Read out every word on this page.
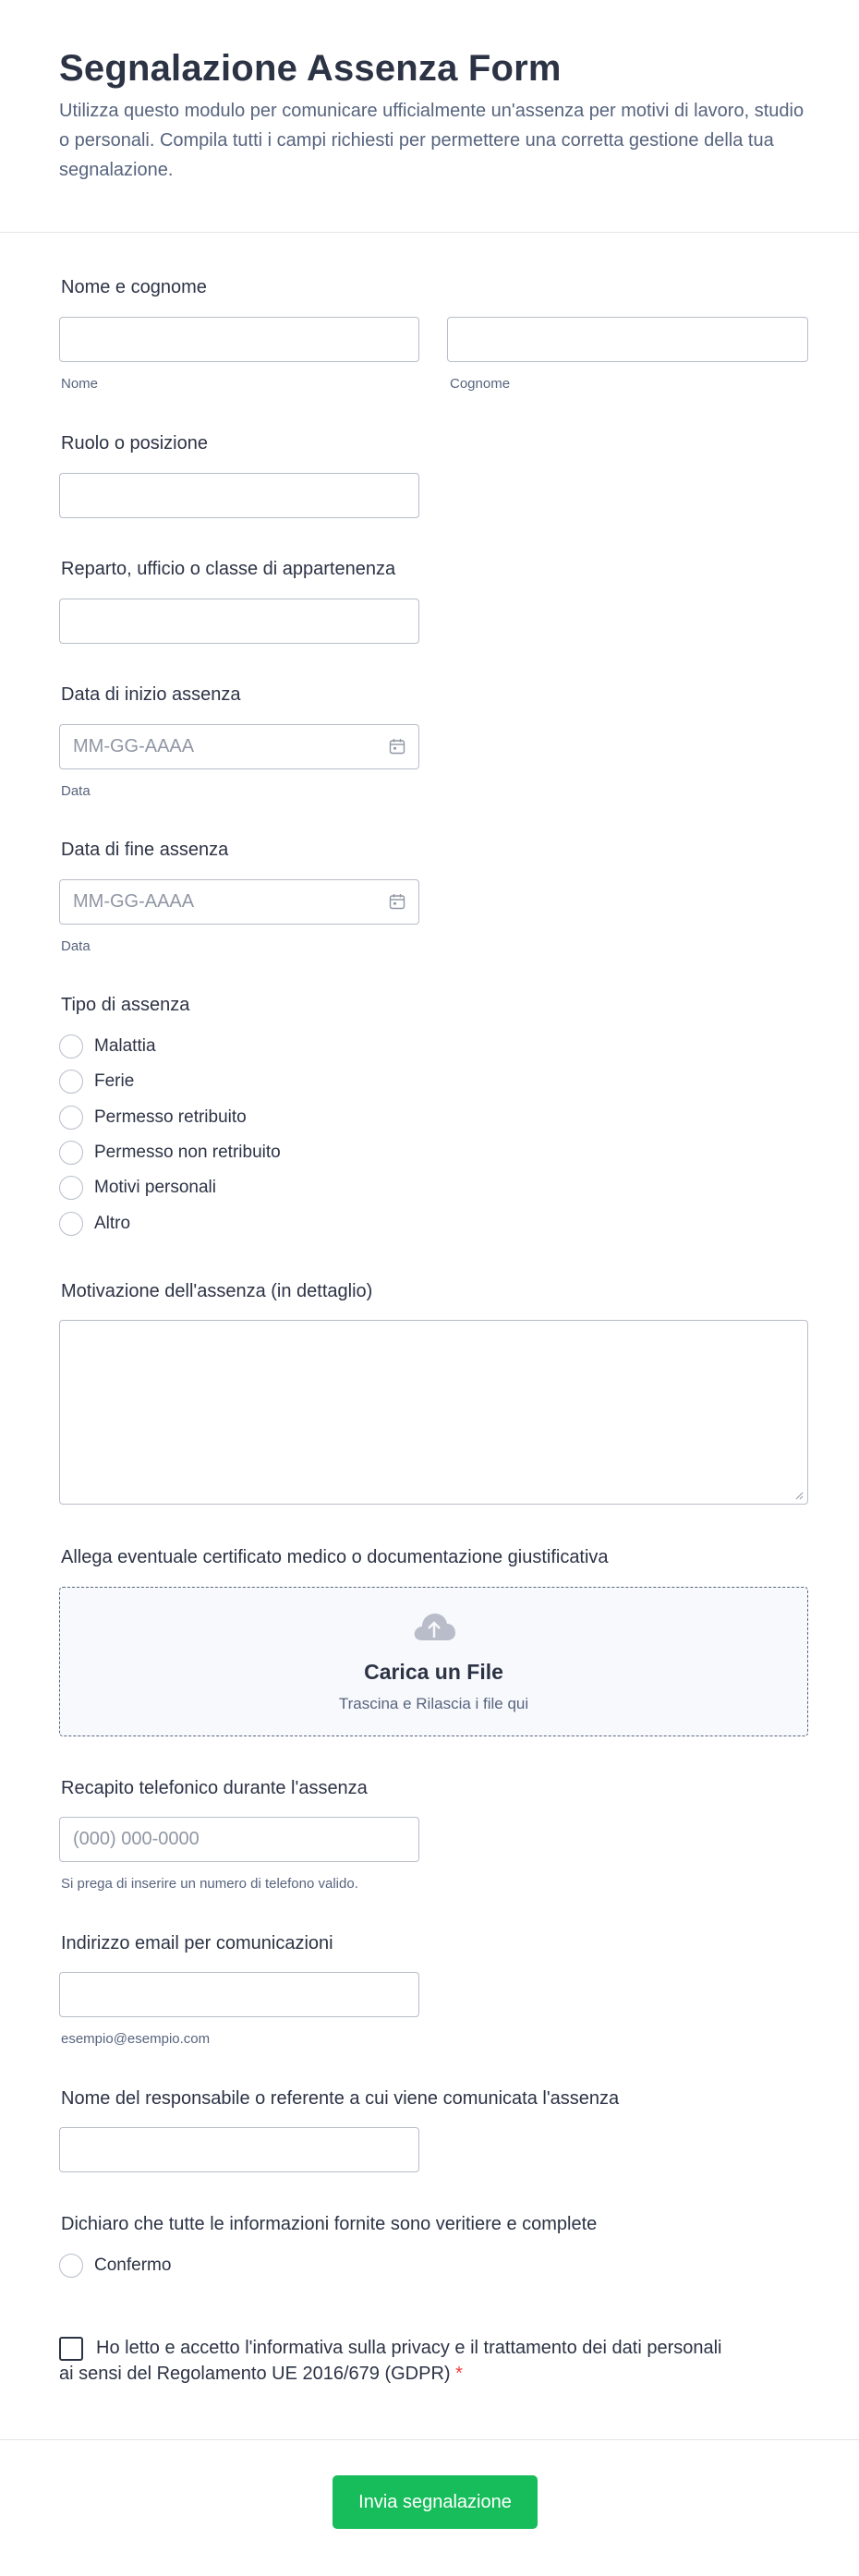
Segnalazione Assenza Form

Utilizza questo modulo per comunicare ufficialmente un'assenza per motivi di lavoro, studio o personali. Compila tutti i campi richiesti per permettere una corretta gestione della tua segnalazione.

Nome e cognome
Nome	Cognome
Ruolo o posizione
Reparto, ufficio o classe di appartenenza
Data di inizio assenza
MM-GG-AAAA
Data
Data di fine assenza
MM-GG-AAAA
Data
Tipo di assenza
Malattia
Ferie
Permesso retribuito
Permesso non retribuito
Motivi personali
Altro
Motivazione dell'assenza (in dettaglio)
Allega eventuale certificato medico o documentazione giustificativa
Carica un File
Trascina e Rilascia i file qui
Recapito telefonico durante l'assenza
(000) 000-0000
Si prega di inserire un numero di telefono valido.
Indirizzo email per comunicazioni
esempio@esempio.com
Nome del responsabile o referente a cui viene comunicata l'assenza
Dichiaro che tutte le informazioni fornite sono veritiere e complete
Confermo
Ho letto e accetto l'informativa sulla privacy e il trattamento dei dati personali ai sensi del Regolamento UE 2016/679 (GDPR) *
Invia segnalazione
